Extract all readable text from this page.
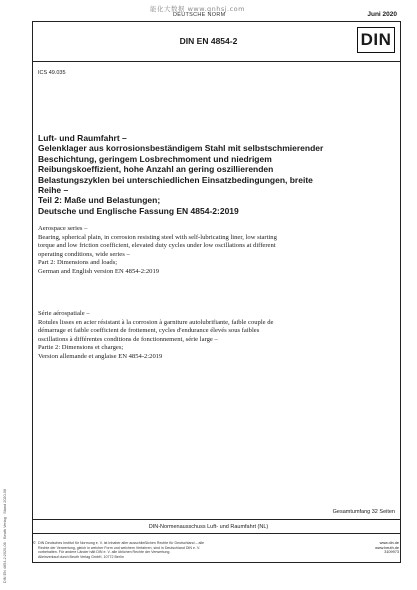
能化大数据 www.gnhsj.com
DEUTSCHE NORM	Juni 2020
DIN EN 4854-2	DIN
ICS 49.035
Luft- und Raumfahrt –
Gelenklager aus korrosionsbeständigem Stahl mit selbstschmierender
Beschichtung, geringem Losbrechmoment und niedrigem
Reibungskoeffizient, hohe Anzahl an gering oszillierenden
Belastungszyklen bei unterschiedlichen Einsatzbedingungen, breite
Reihe –
Teil 2: Maße und Belastungen;
Deutsche und Englische Fassung EN 4854-2:2019
Aerospace series –
Bearing, spherical plain, in corrosion resisting steel with self-lubricating liner, low starting
torque and low friction coefficient, elevated duty cycles under low oscillations at different
operating conditions, wide series –
Part 2: Dimensions and loads;
German and English version EN 4854-2:2019
Série aérospatiale –
Rotules lisses en acier résistant à la corrosion à garniture autolubrifiante, faible couple de
démarrage et faible coefficient de frottement, cycles d'endurance élevés sous faibles
oscillations à différentes conditions de fonctionnement, série large –
Partie 2: Dimensions et charges;
Version allemande et anglaise EN 4854-2:2019
Gesamtumfang 32 Seiten
DIN-Normenausschuss Luft- und Raumfahrt (NL)
© DIN Deutsches Institut für Normung e. V. ist Inhaber aller ausschließlichen Rechte für Deutschland – alle
Rechte der Verwertung, gleich in welcher Form und welchem Verfahren, sind in Deutschland DIN e. V.
vorbehalten. Für andere Länder hält DIN e. V. alle üblichen Rechte der Verwertung.
Alleinverkauf durch Beuth Verlag GmbH, 10772 Berlin
www.din.de
www.beuth.de
3109973
DIN EN 4854-2:2020-06 · Beuth Verlag · Stand 2020-06
